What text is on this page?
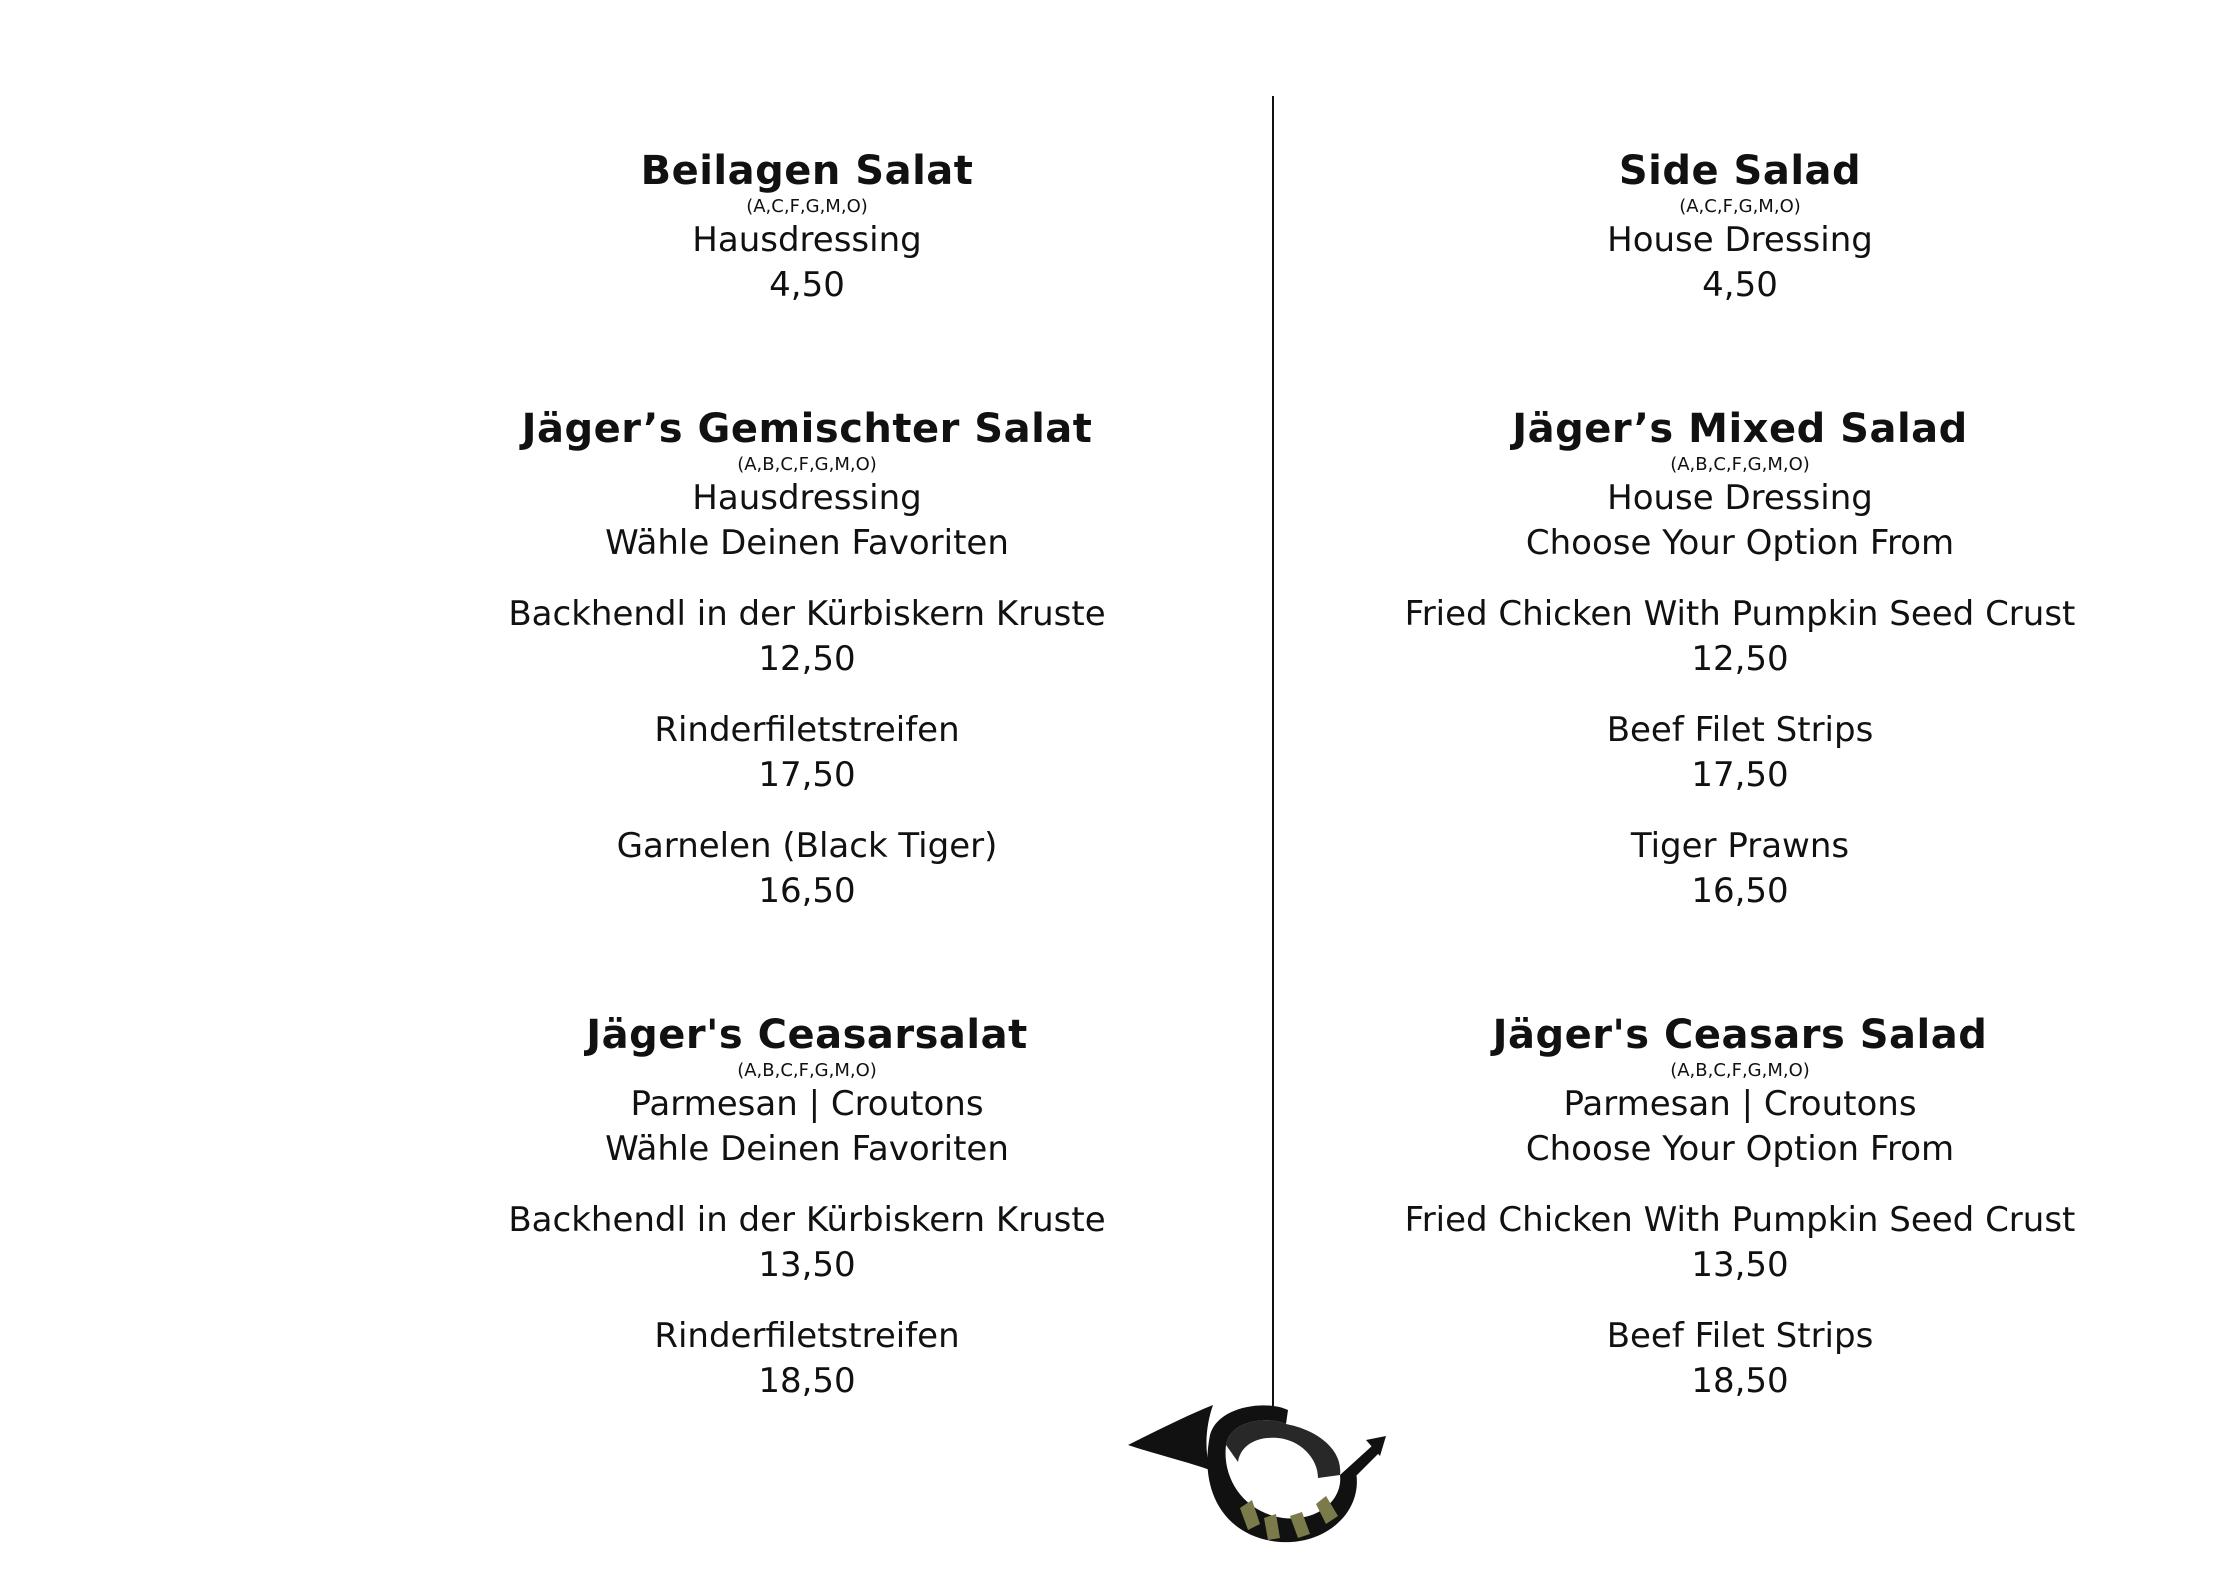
Beilagen Salat
(A,C,F,G,M,O)
Hausdressing
4,50
Jäger’s Gemischter Salat
(A,B,C,F,G,M,O)
Hausdressing
Wähle Deinen Favoriten
Backhendl in der Kürbiskern Kruste
12,50
Rinderfiletstreifen
17,50
Garnelen (Black Tiger)
16,50
Jäger's Ceasarsalat
(A,B,C,F,G,M,O)
Parmesan | Croutons
Wähle Deinen Favoriten
Backhendl in der Kürbiskern Kruste
13,50
Rinderfiletstreifen
18,50
Side Salad
(A,C,F,G,M,O)
House Dressing
4,50
Jäger’s Mixed Salad
(A,B,C,F,G,M,O)
House Dressing
Choose Your Option From
Fried Chicken With Pumpkin Seed Crust
12,50
Beef Filet Strips
17,50
Tiger Prawns
16,50
Jäger's Ceasars Salad
(A,B,C,F,G,M,O)
Parmesan | Croutons
Choose Your Option From
Fried Chicken With Pumpkin Seed Crust
13,50
Beef Filet Strips
18,50
